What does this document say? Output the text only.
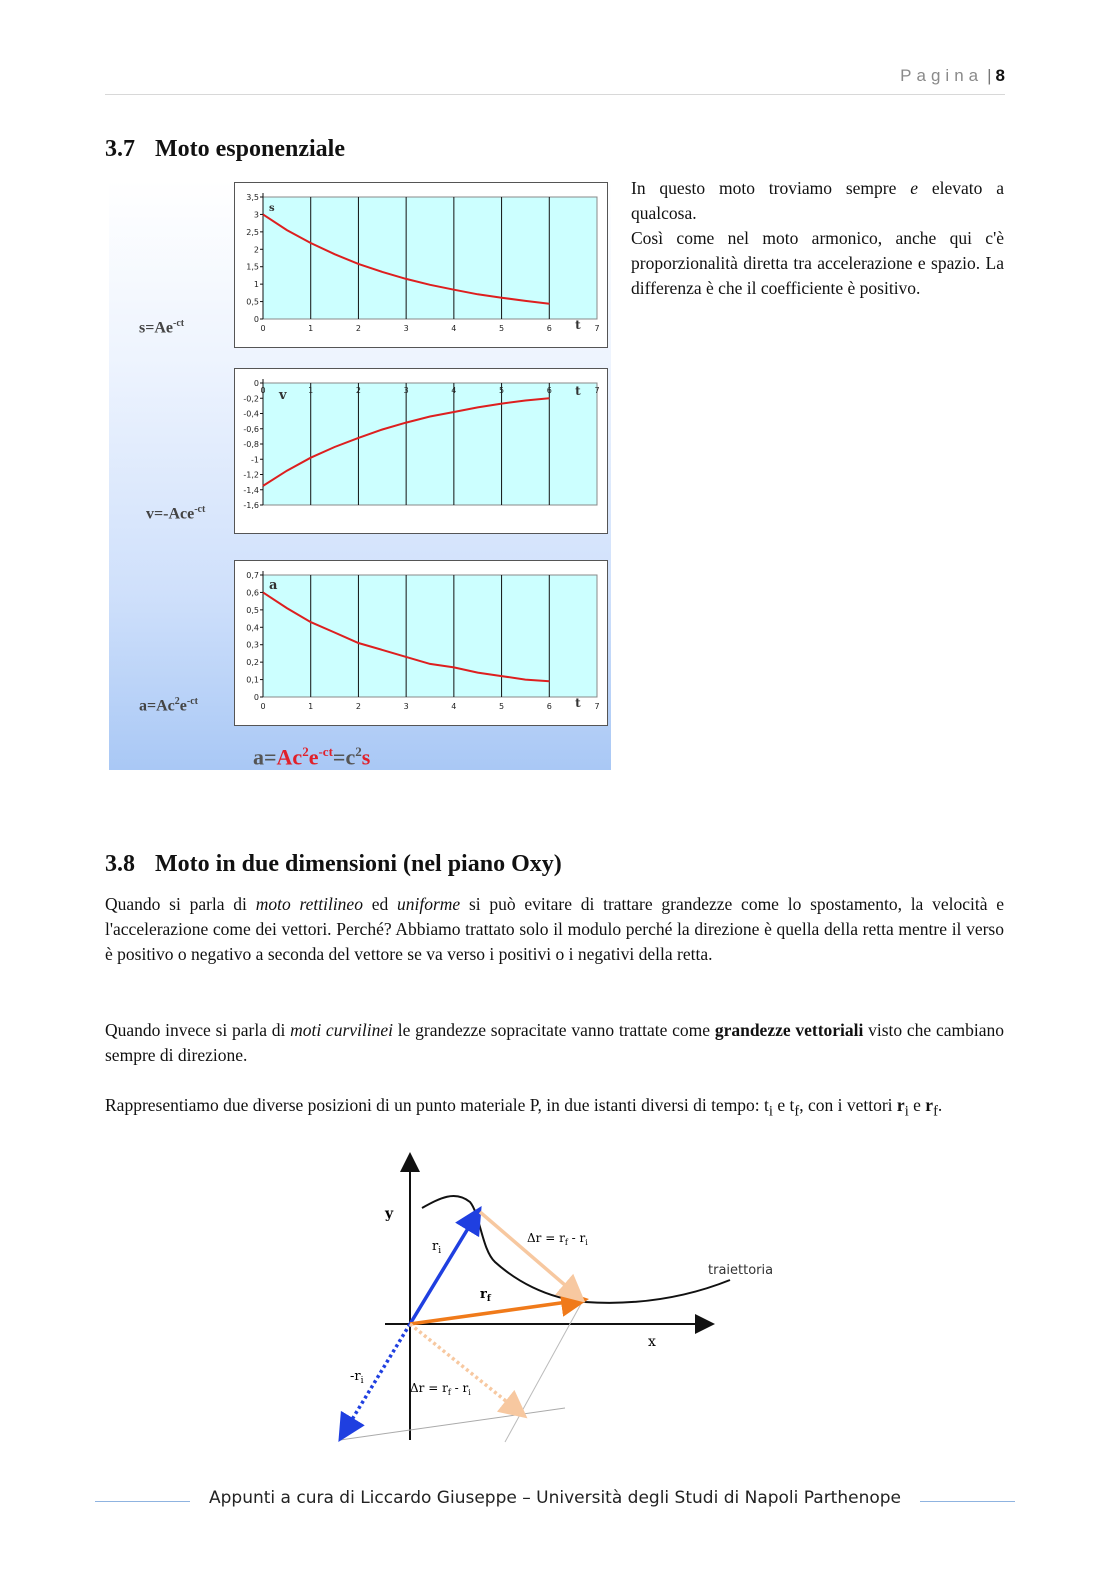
Pagina | 8
3.7 Moto esponenziale
$s=Ae^{-ct}$
v=-Ace$^{-ct}$
$a=Ac^2e^{-ct}$
0
0,5
1
1,5
2
2,5
3
3,5
0	1	2	3	4	5	6	7
s
t
0
-0,2
-0,4
-0,6
-0,8
-1
-1,2
-1,4
-1,6
0	1	2	3	4	5	6	7
v	t
0
0,1
0,2
0,3
0,4
0,5
0,6
0,7
0	1	2	3	4	5	6	7
a
t
$a=Ac^2e^{-ct}=c^2s$

In questo moto troviamo sempre e elevato a qualcosa.
Così come nel moto armonico, anche qui c'è proporzionalità diretta tra accelerazione e spazio. La differenza è che il coefficiente è positivo.

3.8 Moto in due dimensioni (nel piano Oxy)

Quando si parla di moto rettilineo ed uniforme si può evitare di trattare grandezze come lo spostamento, la velocità e l'accelerazione come dei vettori. Perché? Abbiamo trattato solo il modulo perché la direzione è quella della retta mentre il verso è positivo o negativo a seconda del vettore se va verso i positivi o i negativi della retta.

Quando invece si parla di moti curvilinei le grandezze sopracitate vanno trattate come grandezze vettoriali visto che cambiano sempre di direzione.

Rappresentiamo due diverse posizioni di un punto materiale P, in due istanti diversi di tempo: $t_i$ e $t_f$, con i vettori $r_i$ e $r_f$.

y
x
traiettoria
$r_i$
$r_f$
$\Delta r = r_f - r_i$
$-r_i$	$\Delta r = r_f - r_i$
Appunti a cura di Liccardo Giuseppe – Università degli Studi di Napoli Parthenope
